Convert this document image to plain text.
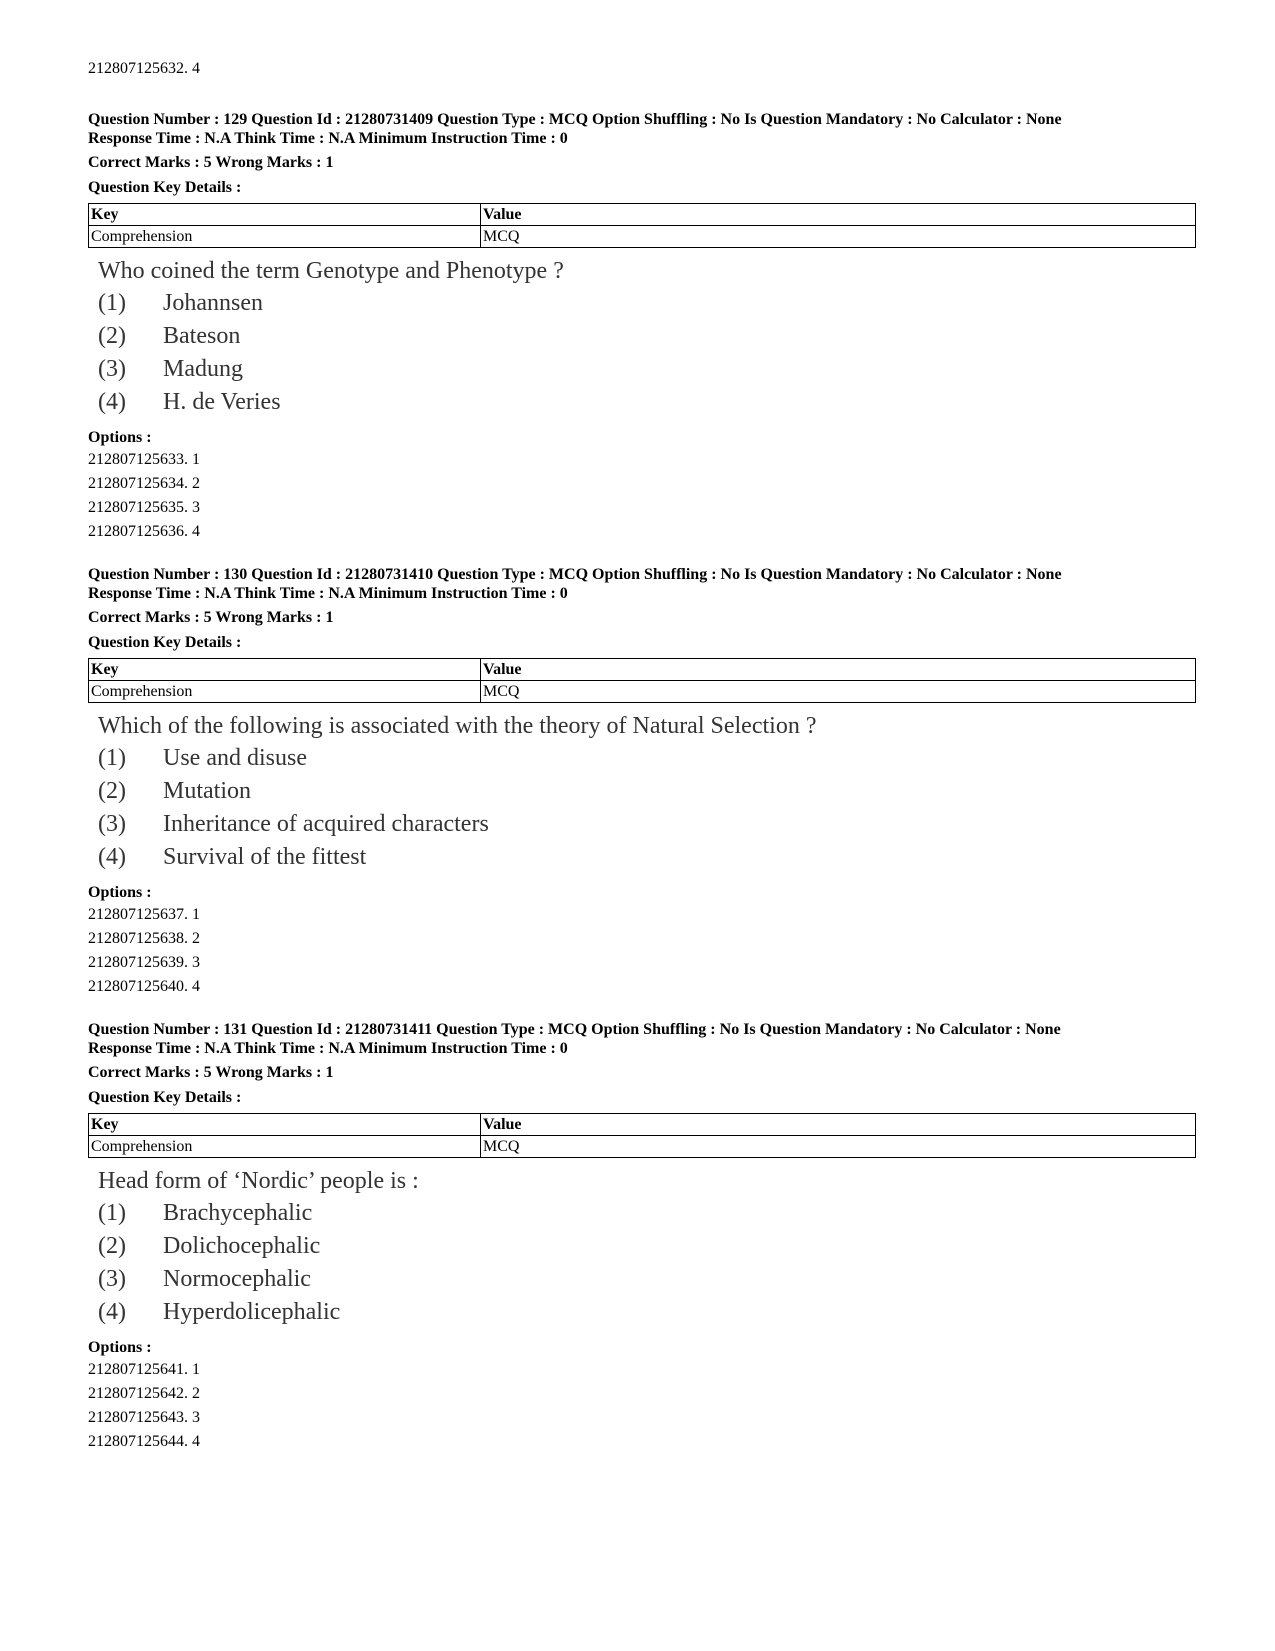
212807125632. 4
Question Number : 129 Question Id : 21280731409 Question Type : MCQ Option Shuffling : No Is Question Mandatory : No Calculator : None
Response Time : N.A Think Time : N.A Minimum Instruction Time : 0
Correct Marks : 5 Wrong Marks : 1
Question Key Details :
Key	Value
Comprehension	MCQ
Who coined the term Genotype and Phenotype ?
(1)	Johannsen
(2)	Bateson
(3)	Madung
(4)	H. de Veries
Options :
212807125633. 1
212807125634. 2
212807125635. 3
212807125636. 4
Question Number : 130 Question Id : 21280731410 Question Type : MCQ Option Shuffling : No Is Question Mandatory : No Calculator : None
Response Time : N.A Think Time : N.A Minimum Instruction Time : 0
Correct Marks : 5 Wrong Marks : 1
Question Key Details :
Key	Value
Comprehension	MCQ
Which of the following is associated with the theory of Natural Selection ?
(1)	Use and disuse
(2)	Mutation
(3)	Inheritance of acquired characters
(4)	Survival of the fittest
Options :
212807125637. 1
212807125638. 2
212807125639. 3
212807125640. 4
Question Number : 131 Question Id : 21280731411 Question Type : MCQ Option Shuffling : No Is Question Mandatory : No Calculator : None
Response Time : N.A Think Time : N.A Minimum Instruction Time : 0
Correct Marks : 5 Wrong Marks : 1
Question Key Details :
Key	Value
Comprehension	MCQ
Head form of ‘Nordic’ people is :
(1)	Brachycephalic
(2)	Dolichocephalic
(3)	Normocephalic
(4)	Hyperdolicephalic
Options :
212807125641. 1
212807125642. 2
212807125643. 3
212807125644. 4
